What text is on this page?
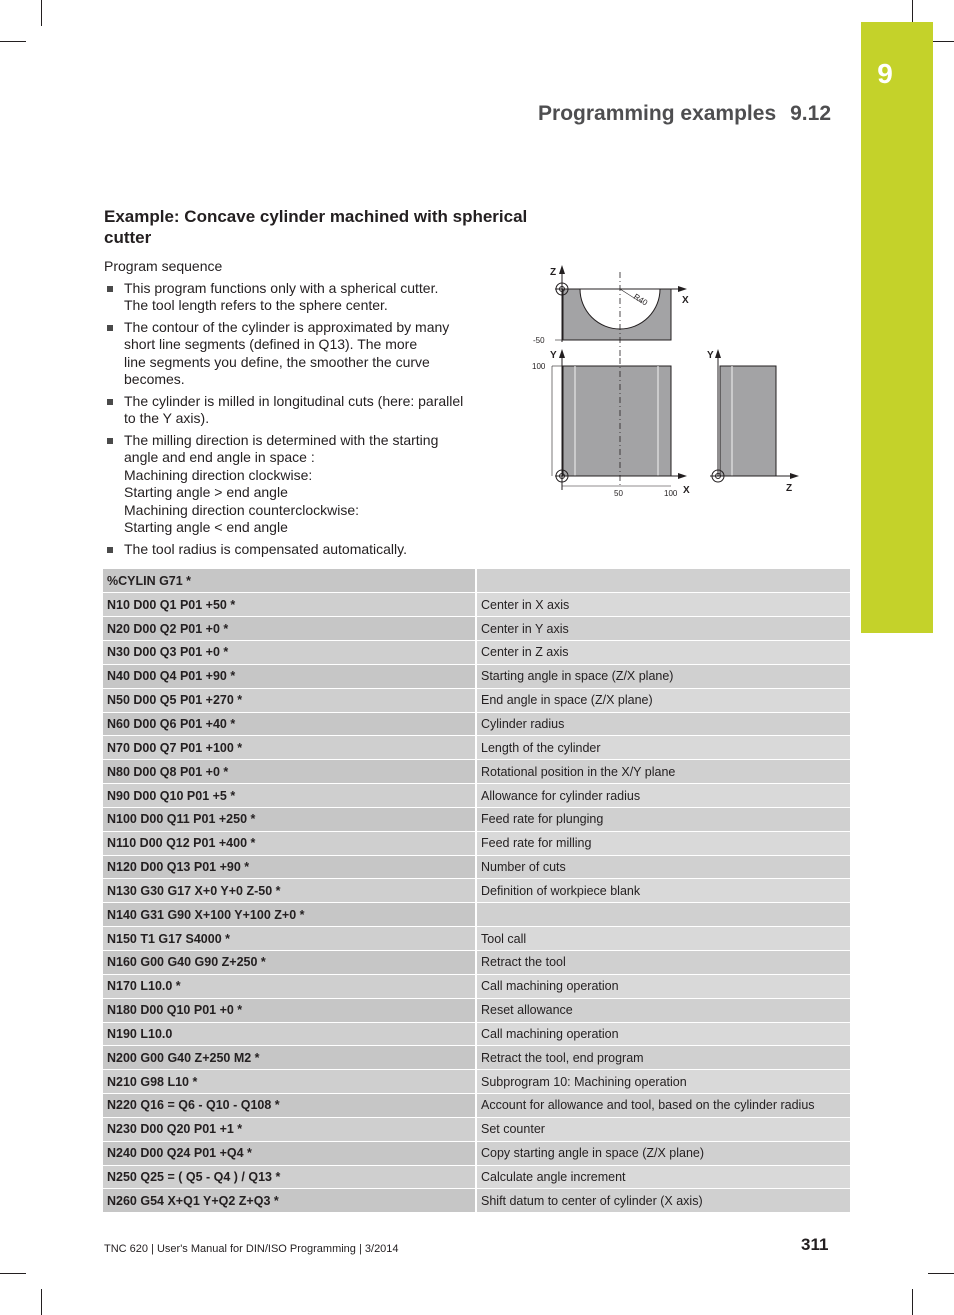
9
Programming examples 9.12
Example: Concave cylinder machined with spherical cutter
Program sequence
This program functions only with a spherical cutter.
The tool length refers to the sphere center.
The contour of the cylinder is approximated by many
short line segments (defined in Q13). The more
line segments you define, the smoother the curve
becomes.
The cylinder is milled in longitudinal cuts (here: parallel
to the Y axis).
The milling direction is determined with the starting
angle and end angle in space :
Machining direction clockwise:
Starting angle > end angle
Machining direction counterclockwise:
Starting angle < end angle
The tool radius is compensated automatically.
Z
X
R40
-50
Y
X
100
50	100
Y
Z
%CYLIN G71 *	
N10 D00 Q1 P01 +50 *	Center in X axis
N20 D00 Q2 P01 +0 *	Center in Y axis
N30 D00 Q3 P01 +0 *	Center in Z axis
N40 D00 Q4 P01 +90 *	Starting angle in space (Z/X plane)
N50 D00 Q5 P01 +270 *	End angle in space (Z/X plane)
N60 D00 Q6 P01 +40 *	Cylinder radius
N70 D00 Q7 P01 +100 *	Length of the cylinder
N80 D00 Q8 P01 +0 *	Rotational position in the X/Y plane
N90 D00 Q10 P01 +5 *	Allowance for cylinder radius
N100 D00 Q11 P01 +250 *	Feed rate for plunging
N110 D00 Q12 P01 +400 *	Feed rate for milling
N120 D00 Q13 P01 +90 *	Number of cuts
N130 G30 G17 X+0 Y+0 Z-50 *	Definition of workpiece blank
N140 G31 G90 X+100 Y+100 Z+0 *	
N150 T1 G17 S4000 *	Tool call
N160 G00 G40 G90 Z+250 *	Retract the tool
N170 L10.0 *	Call machining operation
N180 D00 Q10 P01 +0 *	Reset allowance
N190 L10.0	Call machining operation
N200 G00 G40 Z+250 M2 *	Retract the tool, end program
N210 G98 L10 *	Subprogram 10: Machining operation
N220 Q16 = Q6 - Q10 - Q108 *	Account for allowance and tool, based on the cylinder radius
N230 D00 Q20 P01 +1 *	Set counter
N240 D00 Q24 P01 +Q4 *	Copy starting angle in space (Z/X plane)
N250 Q25 = ( Q5 - Q4 ) / Q13 *	Calculate angle increment
N260 G54 X+Q1 Y+Q2 Z+Q3 *	Shift datum to center of cylinder (X axis)
TNC 620 | User's Manual for DIN/ISO Programming | 3/2014	311
